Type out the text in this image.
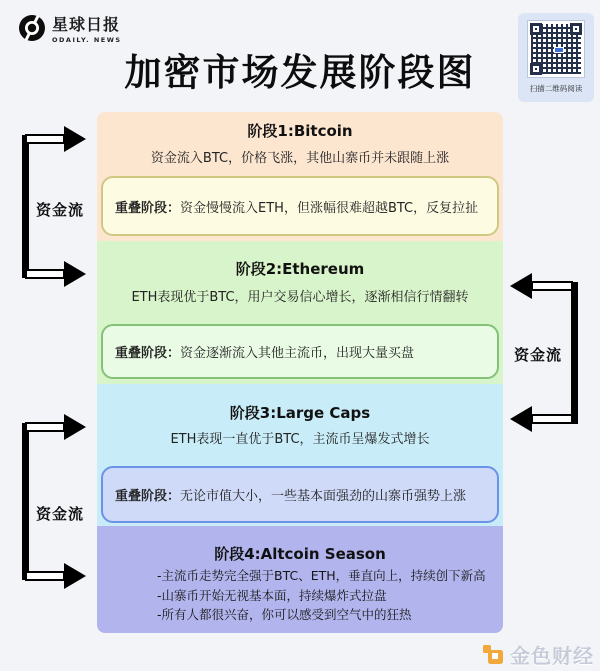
星球日报
ODAILY. NEWS
加密市场发展阶段图	扫描二维码阅读
阶段1:Bitcoin
资金流入BTC，价格飞涨，其他山寨币并未跟随上涨
重叠阶段： 资金慢慢流入ETH，但涨幅很难超越BTC，反复拉扯
阶段2:Ethereum
ETH表现优于BTC，用户交易信心增长，逐渐相信行情翻转
重叠阶段： 资金逐渐流入其他主流币，出现大量买盘
阶段3:Large Caps
ETH表现一直优于BTC，主流币呈爆发式增长
重叠阶段： 无论市值大小，一些基本面强劲的山寨币强势上涨
阶段4:Altcoin Season
-主流币走势完全强于BTC、ETH，垂直向上，持续创下新高
-山寨币开始无视基本面，持续爆炸式拉盘
-所有人都很兴奋，你可以感受到空气中的狂热
资金流
资金流
资金流
金色财经
